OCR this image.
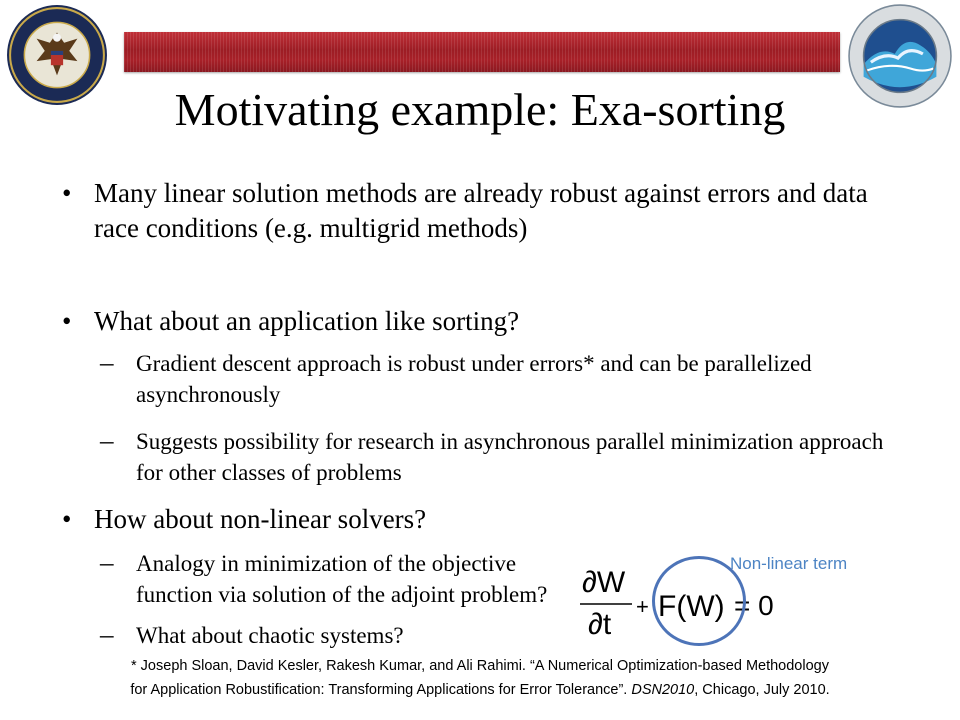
Motivating example: Exa-sorting
• Many linear solution methods are already robust against errors and data race conditions (e.g. multigrid methods)
• What about an application like sorting?
– Gradient descent approach is robust under errors* and can be parallelized asynchronously
– Suggests possibility for research in asynchronous parallel minimization approach for other classes of problems
• How about non-linear solvers?
– Analogy in minimization of the objective function via solution of the adjoint problem?
– What about chaotic systems?
∂W
∂t
+ F(W) = 0
Non-linear term
* Joseph Sloan, David Kesler, Rakesh Kumar, and Ali Rahimi. “A Numerical Optimization-based Methodology
for Application Robustification: Transforming Applications for Error Tolerance”. DSN2010, Chicago, July 2010.
